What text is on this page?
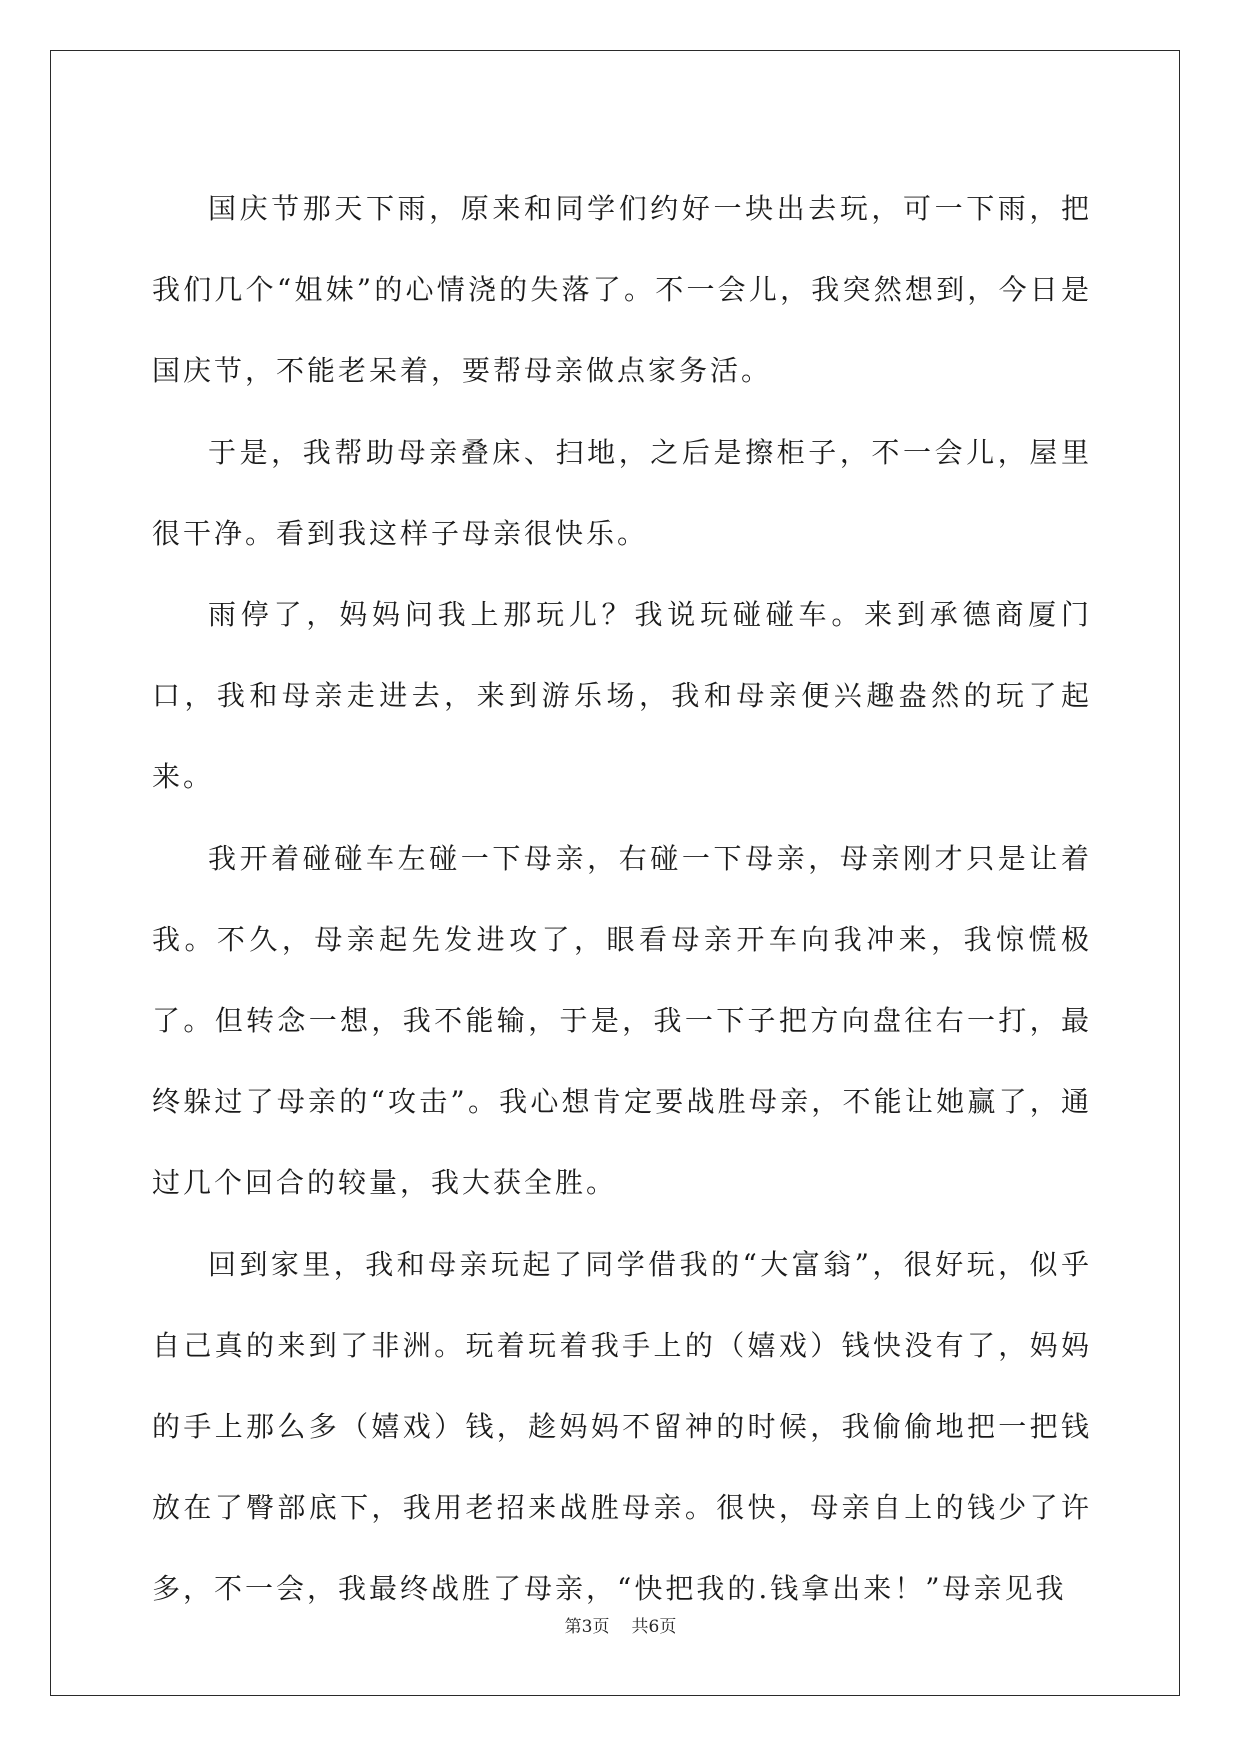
国庆节那天下雨，原来和同学们约好一块出去玩，可一下雨，把我们几个“姐妹”的心情浇的失落了。不一会儿，我突然想到，今日是国庆节，不能老呆着，要帮母亲做点家务活。

于是，我帮助母亲叠床、扫地，之后是擦柜子，不一会儿，屋里很干净。看到我这样子母亲很快乐。

雨停了，妈妈问我上那玩儿？我说玩碰碰车。来到承德商厦门口，我和母亲走进去，来到游乐场，我和母亲便兴趣盎然的玩了起来。

我开着碰碰车左碰一下母亲，右碰一下母亲，母亲刚才只是让着我。不久，母亲起先发进攻了，眼看母亲开车向我冲来，我惊慌极了。但转念一想，我不能输，于是，我一下子把方向盘往右一打，最终躲过了母亲的“攻击”。我心想肯定要战胜母亲，不能让她赢了，通过几个回合的较量，我大获全胜。

回到家里，我和母亲玩起了同学借我的“大富翁”，很好玩，似乎自己真的来到了非洲。玩着玩着我手上的（嬉戏）钱快没有了，妈妈的手上那么多（嬉戏）钱，趁妈妈不留神的时候，我偷偷地把一把钱放在了臀部底下，我用老招来战胜母亲。很快，母亲自上的钱少了许多，不一会，我最终战胜了母亲，“快把我的.钱拿出来！”母亲见我

第3页 共6页
